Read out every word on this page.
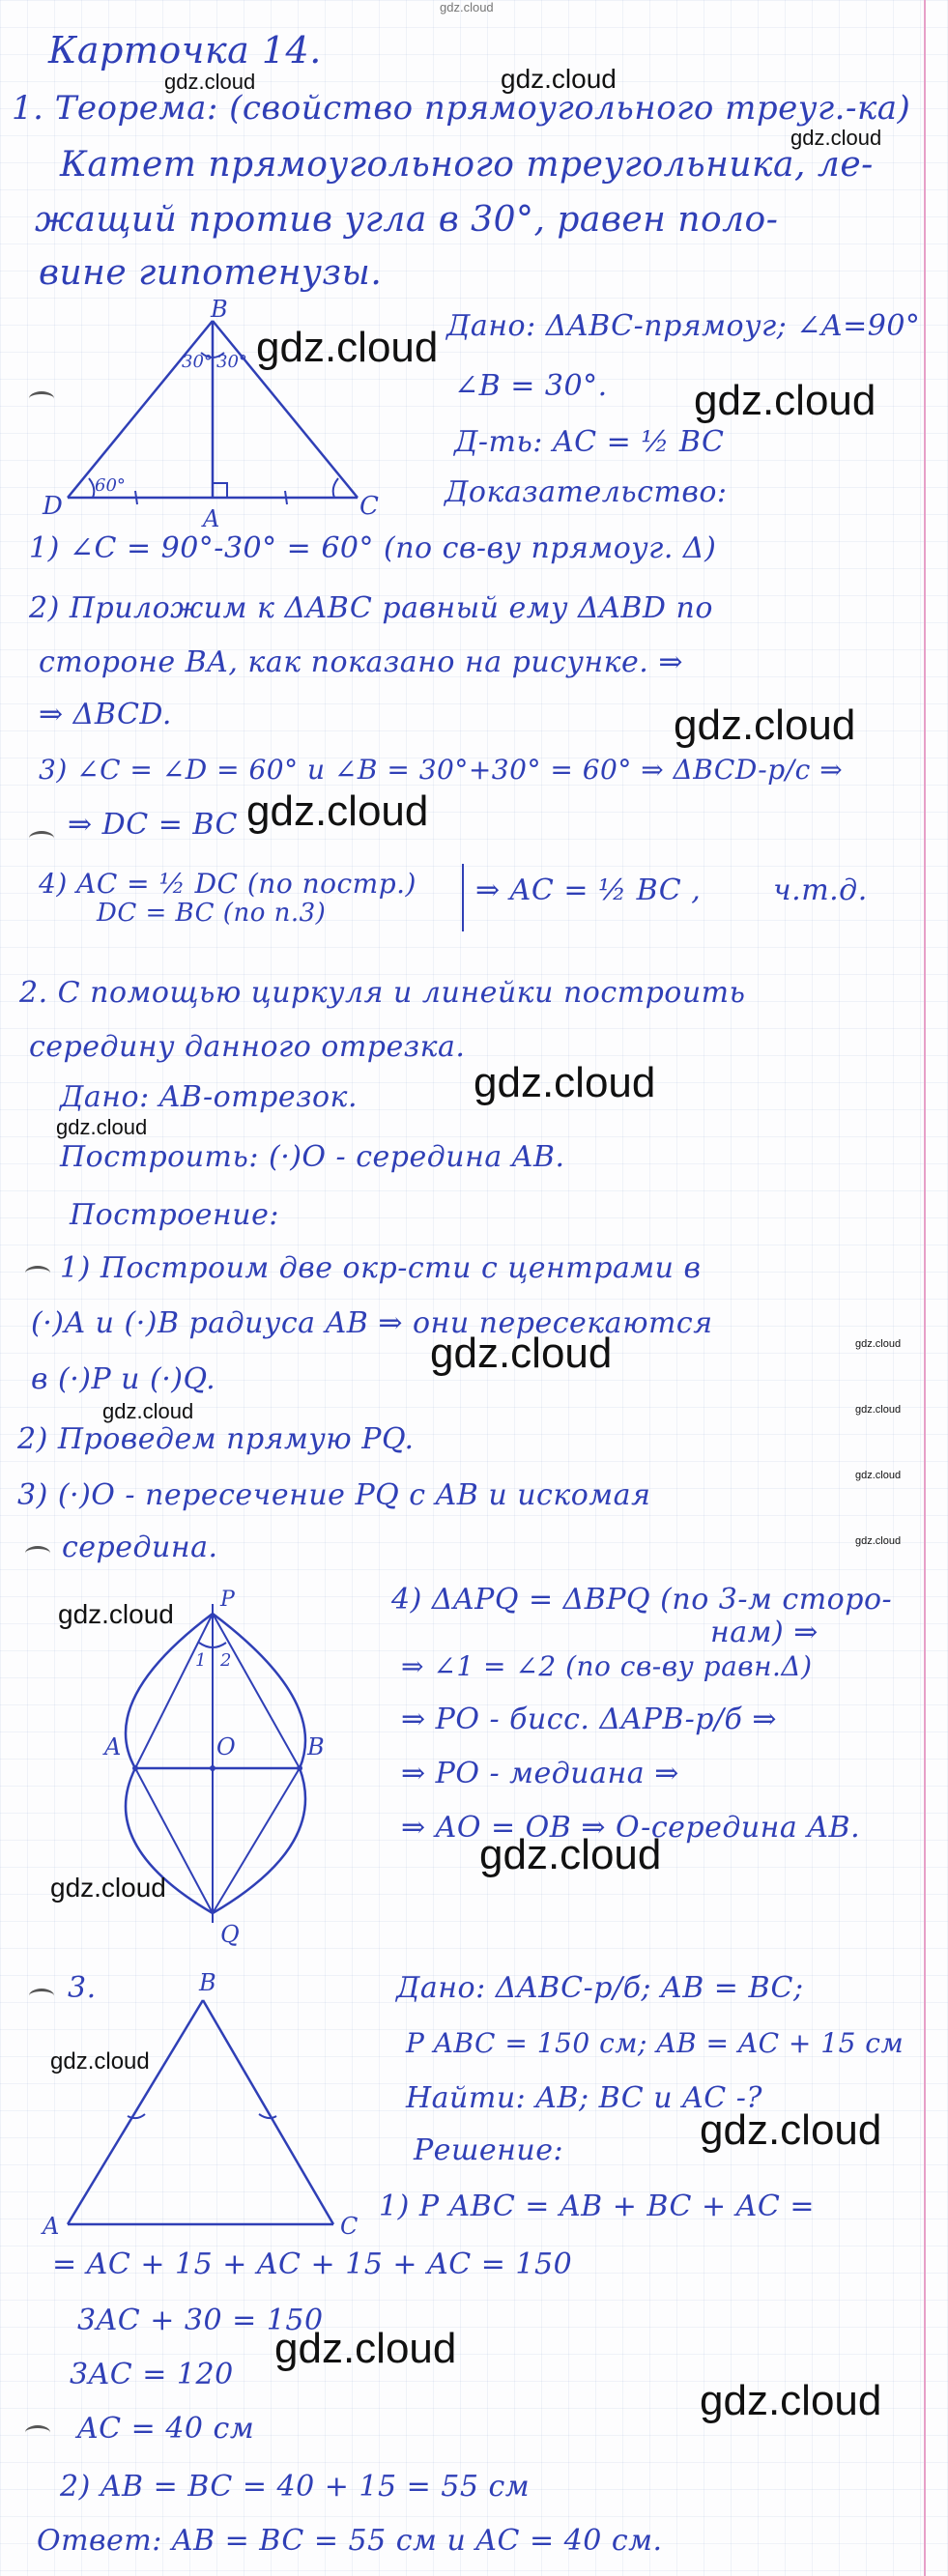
gdz.cloud
Карточка 14.
1. Теорема: (свойство прямоугольного треуг.-ка)
Катет прямоугольного треугольника, ле-
жащий против угла в 30°, равен поло-
вине гипотенузы.
B
30° 30°
60°
D	A	C
Дано: ΔABC-прямоуг; ∠A=90°
∠B = 30°.
Д-ть: AC = ½ BC
Доказательство:
1) ∠C = 90°-30° = 60° (по св-ву прямоуг. Δ)
2) Приложим к ΔABC равный ему ΔABD по
стороне BA, как показано на рисунке. ⇒
⇒ ΔBCD.
3) ∠C = ∠D = 60° и ∠B = 30°+30° = 60° ⇒ ΔBCD-р/с ⇒
⇒ DC = BC
4) AC = ½ DC (по постр.)
DC = BC (по п.3)
⇒ AC = ½ BC , ч.т.д.
2. С помощью циркуля и линейки построить
середину данного отрезка.
Дано: AB-отрезок.
Построить: (·)O - середина AB.
Построение:
1) Построим две окр-сти с центрами в
(·)A и (·)B радиуса AB ⇒ они пересекаются
в (·)P и (·)Q.
2) Проведем прямую PQ.
3) (·)O - пересечение PQ с AB и искомая
середина.
P
1 2
A	O	B
Q
4) ΔAPQ = ΔBPQ (по 3-м сторо-
нам) ⇒
⇒ ∠1 = ∠2 (по св-ву равн.Δ)
⇒ PO - бисс. ΔAPB-р/б ⇒
⇒ PO - медиана ⇒
⇒ AO = OB ⇒ O-середина AB.
3.	B
A	C
Дано: ΔABC-р/б; AB = BC;
P ABC = 150 см; AB = AC + 15 см
Найти: AB; BC и AC -?
Решение:
1) P ABC = AB + BC + AC =
= AC + 15 + AC + 15 + AC = 150
3AC + 30 = 150
3AC = 120
AC = 40 см
2) AB = BC = 40 + 15 = 55 см
Ответ: AB = BC = 55 см и AC = 40 см.
gdz.cloud	gdz.cloud
gdz.cloud
gdz.cloud
gdz.cloud
gdz.cloud
gdz.cloud
gdz.cloud
gdz.cloud
gdz.cloud
gdz.cloud
gdz.cloud
gdz.cloud
gdz.cloud
gdz.cloud
gdz.cloud
gdz.cloud
gdz.cloud
gdz.cloud
gdz.cloud
gdz.cloud
gdz.cloud
